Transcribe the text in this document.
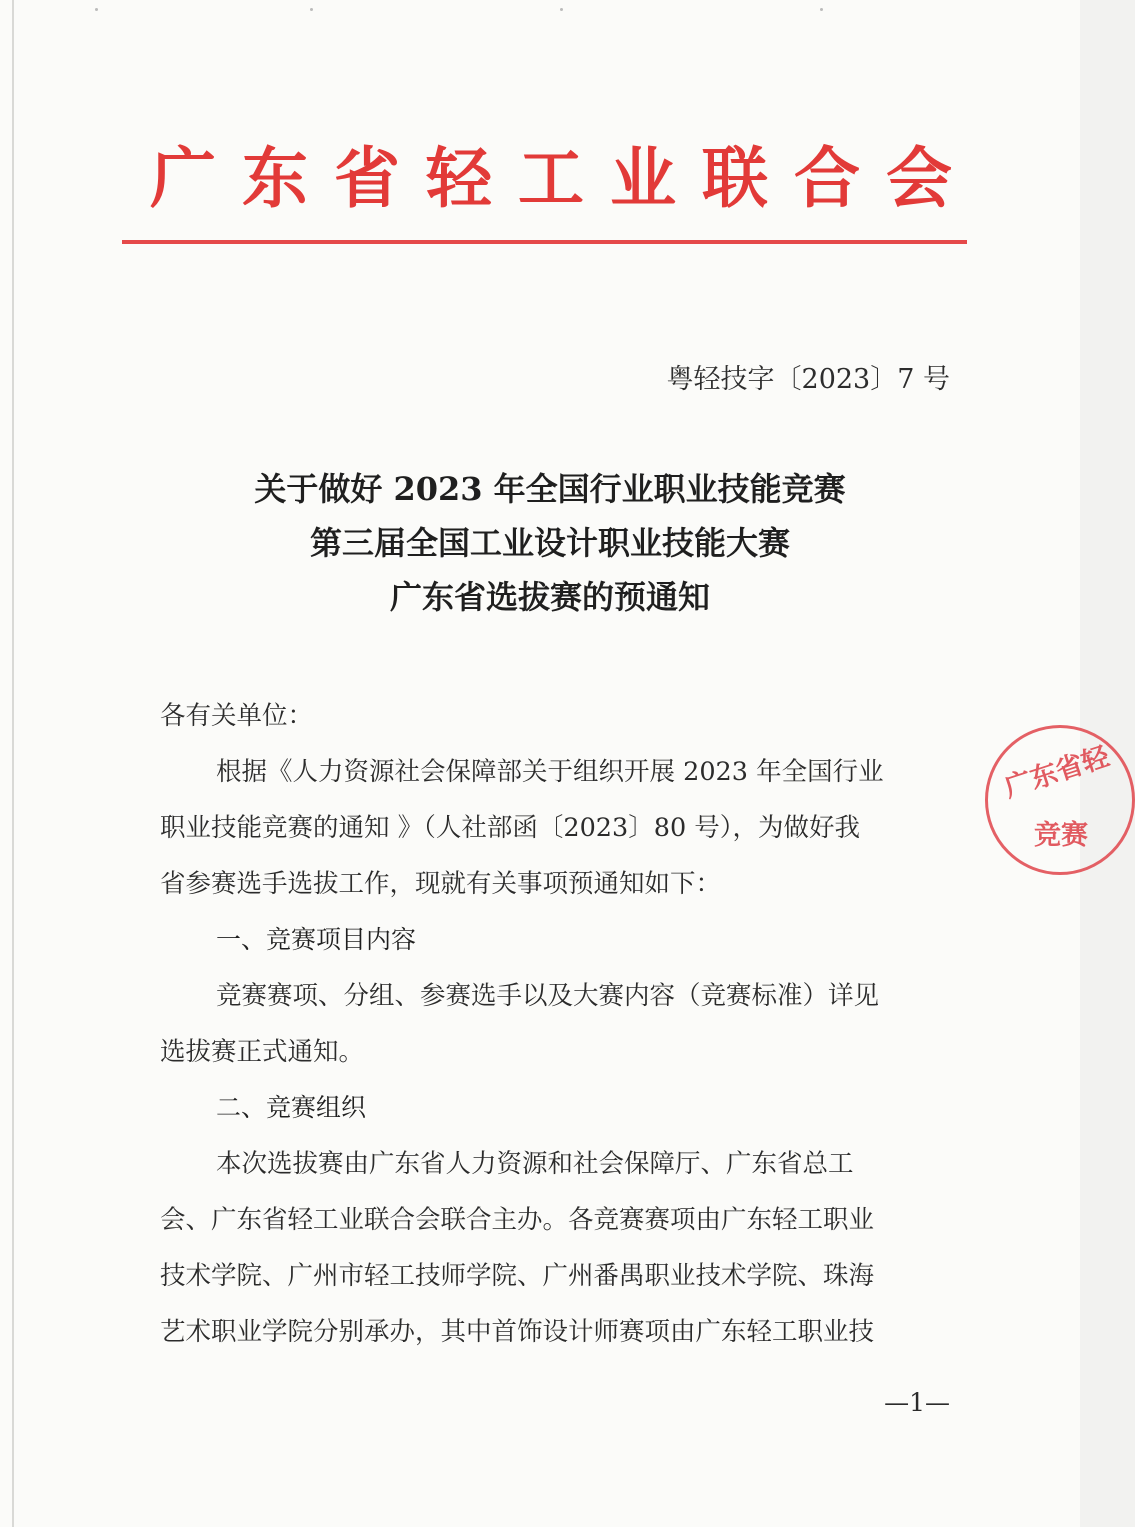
广东省轻工业联合会
粤轻技字〔2023〕7 号
关于做好 2023 年全国行业职业技能竞赛
第三届全国工业设计职业技能大赛
广东省选拔赛的预通知
各有关单位：
根据《人力资源社会保障部关于组织开展 2023 年全国行业
职业技能竞赛的通知 》（人社部函〔2023〕80 号），为做好我
省参赛选手选拔工作，现就有关事项预通知如下：
一、竞赛项目内容
竞赛赛项、分组、参赛选手以及大赛内容（竞赛标准）详见
选拔赛正式通知。
二、竞赛组织
本次选拔赛由广东省人力资源和社会保障厅、广东省总工
会、广东省轻工业联合会联合主办。各竞赛赛项由广东轻工职业
技术学院、广州市轻工技师学院、广州番禺职业技术学院、珠海
艺术职业学院分别承办，其中首饰设计师赛项由广东轻工职业技
广东省轻
竞赛
—1—
